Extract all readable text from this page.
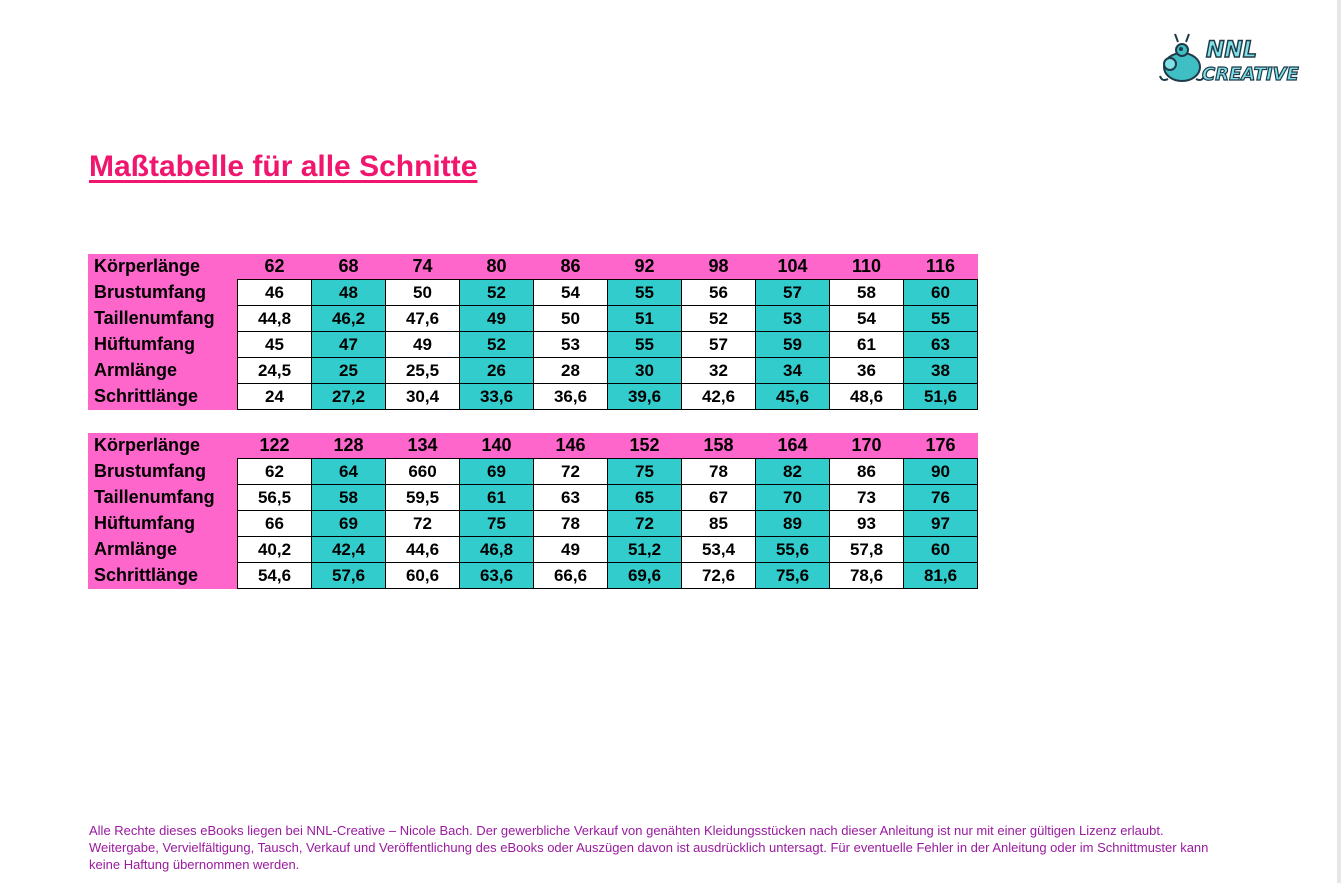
NNL
CREATIVE
Maßtabelle für alle Schnitte
Körperlänge	62	68	74	80	86	92	98	104	110	116
Brustumfang	46	48	50	52	54	55	56	57	58	60
Taillenumfang	44,8	46,2	47,6	49	50	51	52	53	54	55
Hüftumfang	45	47	49	52	53	55	57	59	61	63
Armlänge	24,5	25	25,5	26	28	30	32	34	36	38
Schrittlänge	24	27,2	30,4	33,6	36,6	39,6	42,6	45,6	48,6	51,6
Körperlänge	122	128	134	140	146	152	158	164	170	176
Brustumfang	62	64	660	69	72	75	78	82	86	90
Taillenumfang	56,5	58	59,5	61	63	65	67	70	73	76
Hüftumfang	66	69	72	75	78	72	85	89	93	97
Armlänge	40,2	42,4	44,6	46,8	49	51,2	53,4	55,6	57,8	60
Schrittlänge	54,6	57,6	60,6	63,6	66,6	69,6	72,6	75,6	78,6	81,6

Alle Rechte dieses eBooks liegen bei NNL-Creative – Nicole Bach. Der gewerbliche Verkauf von genähten Kleidungsstücken nach dieser Anleitung ist nur mit einer gültigen Lizenz erlaubt. Weitergabe, Vervielfältigung, Tausch, Verkauf und Veröffentlichung des eBooks oder Auszügen davon ist ausdrücklich untersagt. Für eventuelle Fehler in der Anleitung oder im Schnittmuster kann keine Haftung übernommen werden.
